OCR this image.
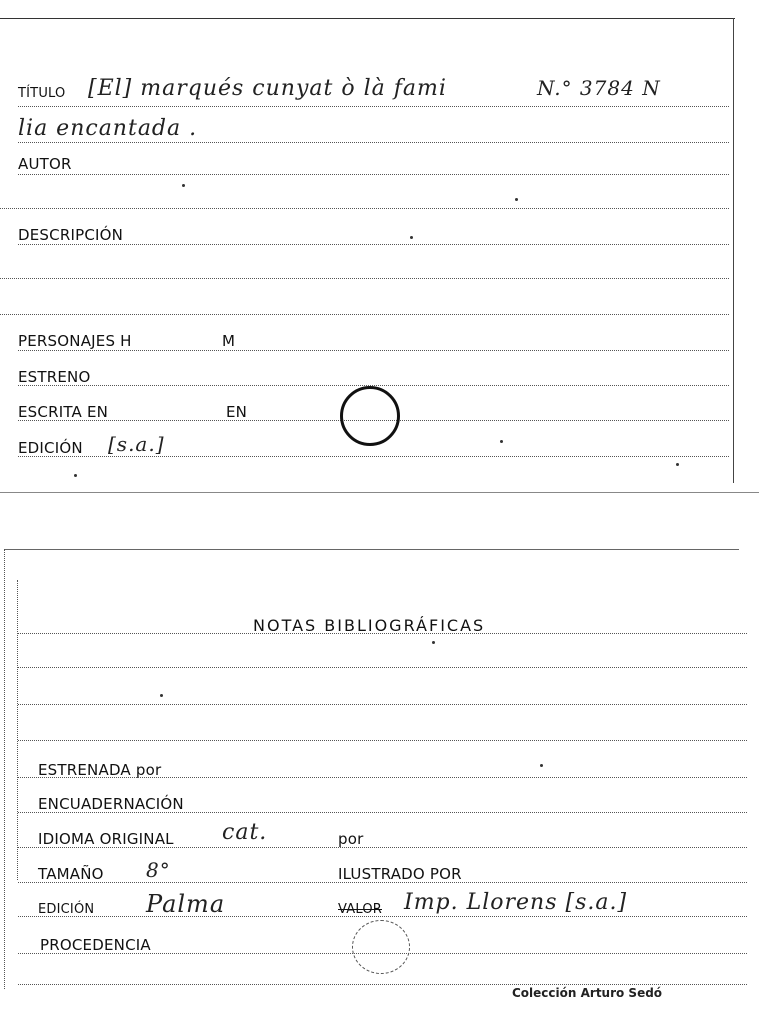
TÍTULO [El] marqués cunyat ò là fami	N.° 3784 N
lia encantada .
AUTOR
DESCRIPCIÓN
PERSONAJES H	M
ESTRENO
ESCRITA EN	EN
EDICIÓN [s.a.]
NOTAS BIBLIOGRÁFICAS
ESTRENADA por
ENCUADERNACIÓN
IDIOMA ORIGINAL cat.	por
TAMAÑO 8°	ILUSTRADO POR
EDICIÓN Palma	VALOR Imp. Llorens [s.a.]
PROCEDENCIA
Colección Arturo Sedó
